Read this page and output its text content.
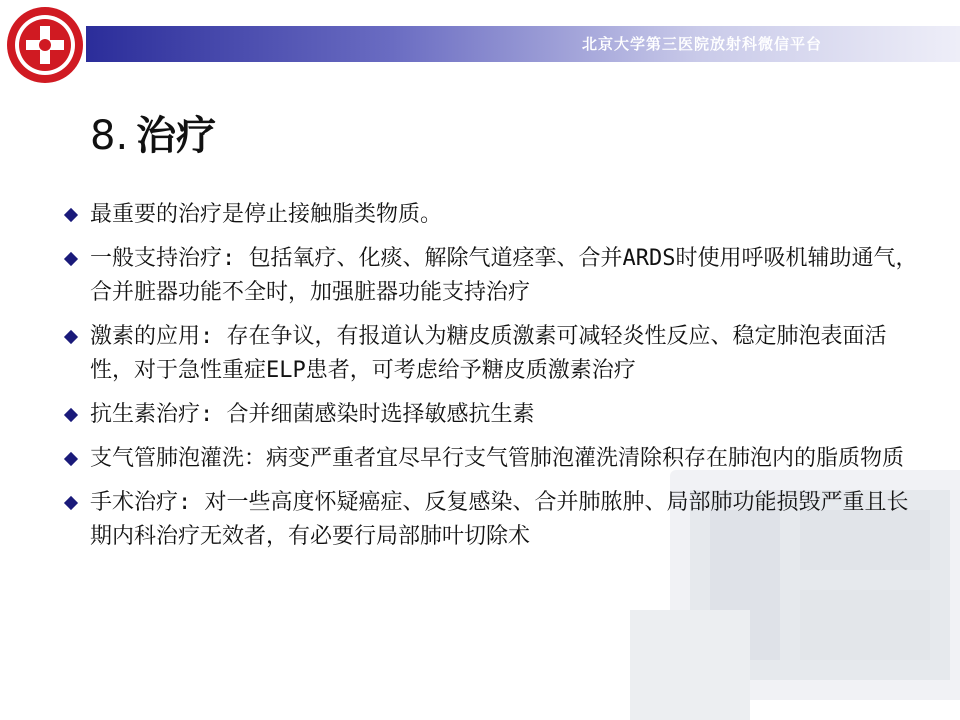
北京大学第三医院放射科微信平台
8. 治疗
最重要的治疗是停止接触脂类物质。
一般支持治疗: 包括氧疗、化痰、解除气道痉挛、合并ARDS时使用呼吸机辅助通气，合并脏器功能不全时，加强脏器功能支持治疗
激素的应用: 存在争议，有报道认为糖皮质激素可减轻炎性反应、稳定肺泡表面活性，对于急性重症ELP患者，可考虑给予糖皮质激素治疗
抗生素治疗: 合并细菌感染时选择敏感抗生素
支气管肺泡灌洗：病变严重者宜尽早行支气管肺泡灌洗清除积存在肺泡内的脂质物质
手术治疗: 对一些高度怀疑癌症、反复感染、合并肺脓肿、局部肺功能损毁严重且长期内科治疗无效者，有必要行局部肺叶切除术
